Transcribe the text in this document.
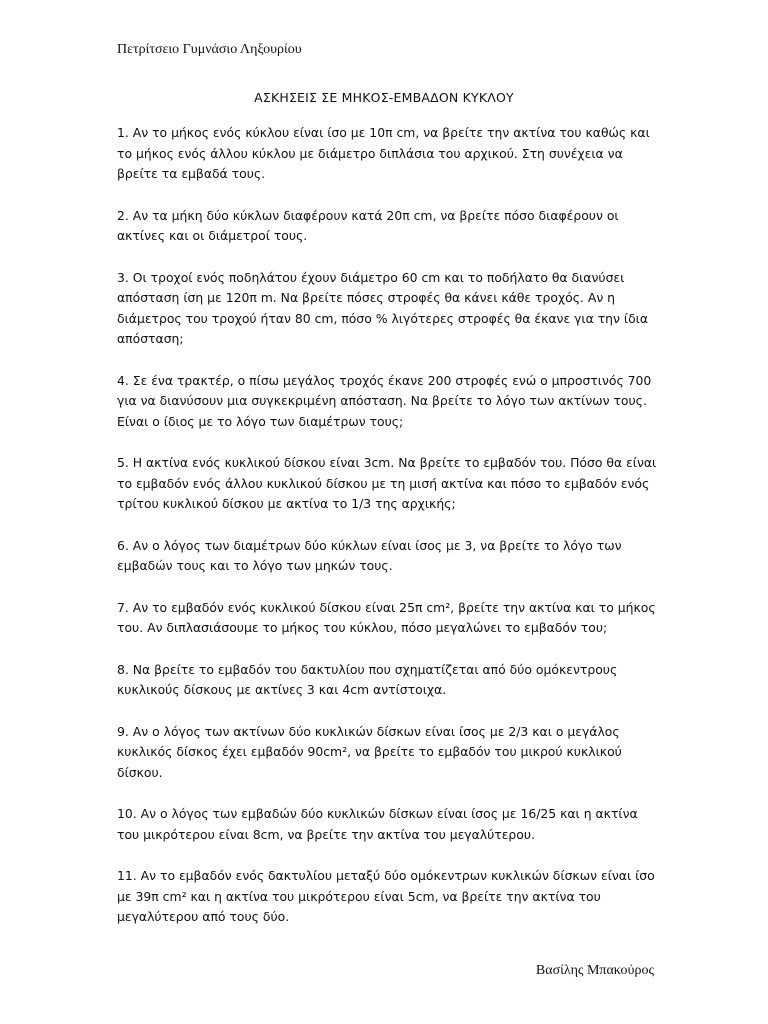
Πετρίτσειο Γυμνάσιο Ληξουρίου
ΑΣΚΗΣΕΙΣ ΣΕ ΜΗΚΟΣ-ΕΜΒΑΔΟΝ ΚΥΚΛΟΥ

1. Αν το μήκος ενός κύκλου είναι ίσο με 10π cm, να βρείτε την ακτίνα του καθώς και το μήκος ενός άλλου κύκλου με διάμετρο διπλάσια του αρχικού. Στη συνέχεια να βρείτε τα εμβαδά τους.

2. Αν τα μήκη δύο κύκλων διαφέρουν κατά 20π cm, να βρείτε πόσο διαφέρουν οι ακτίνες και οι διάμετροί τους.

3. Οι τροχοί ενός ποδηλάτου έχουν διάμετρο 60 cm και το ποδήλατο θα διανύσει απόσταση ίση με 120π m. Να βρείτε πόσες στροφές θα κάνει κάθε τροχός. Αν η διάμετρος του τροχού ήταν 80 cm, πόσο % λιγότερες στροφές θα έκανε για την ίδια απόσταση;

4. Σε ένα τρακτέρ, ο πίσω μεγάλος τροχός έκανε 200 στροφές ενώ ο μπροστινός 700 για να διανύσουν μια συγκεκριμένη απόσταση. Να βρείτε το λόγο των ακτίνων τους. Είναι ο ίδιος με το λόγο των διαμέτρων τους;

5. Η ακτίνα ενός κυκλικού δίσκου είναι 3cm. Να βρείτε το εμβαδόν του. Πόσο θα είναι το εμβαδόν ενός άλλου κυκλικού δίσκου με τη μισή ακτίνα και πόσο το εμβαδόν ενός τρίτου κυκλικού δίσκου με ακτίνα το 1/3 της αρχικής;

6. Αν ο λόγος των διαμέτρων δύο κύκλων είναι ίσος με 3, να βρείτε το λόγο των εμβαδών τους και το λόγο των μηκών τους.

7. Αν το εμβαδόν ενός κυκλικού δίσκου είναι 25π cm², βρείτε την ακτίνα και το μήκος του. Αν διπλασιάσουμε το μήκος του κύκλου, πόσο μεγαλώνει το εμβαδόν του;

8. Να βρείτε το εμβαδόν του δακτυλίου που σχηματίζεται από δύο ομόκεντρους κυκλικούς δίσκους με ακτίνες 3 και 4cm αντίστοιχα.

9. Αν ο λόγος των ακτίνων δύο κυκλικών δίσκων είναι ίσος με 2/3 και ο μεγάλος κυκλικός δίσκος έχει εμβαδόν 90cm², να βρείτε το εμβαδόν του μικρού κυκλικού δίσκου.

10. Αν ο λόγος των εμβαδών δύο κυκλικών δίσκων είναι ίσος με 16/25 και η ακτίνα του μικρότερου είναι 8cm, να βρείτε την ακτίνα του μεγαλύτερου.

11. Αν το εμβαδόν ενός δακτυλίου μεταξύ δύο ομόκεντρων κυκλικών δίσκων είναι ίσο με 39π cm² και η ακτίνα του μικρότερου είναι 5cm, να βρείτε την ακτίνα του μεγαλύτερου από τους δύο.

Βασίλης Μπακούρος
